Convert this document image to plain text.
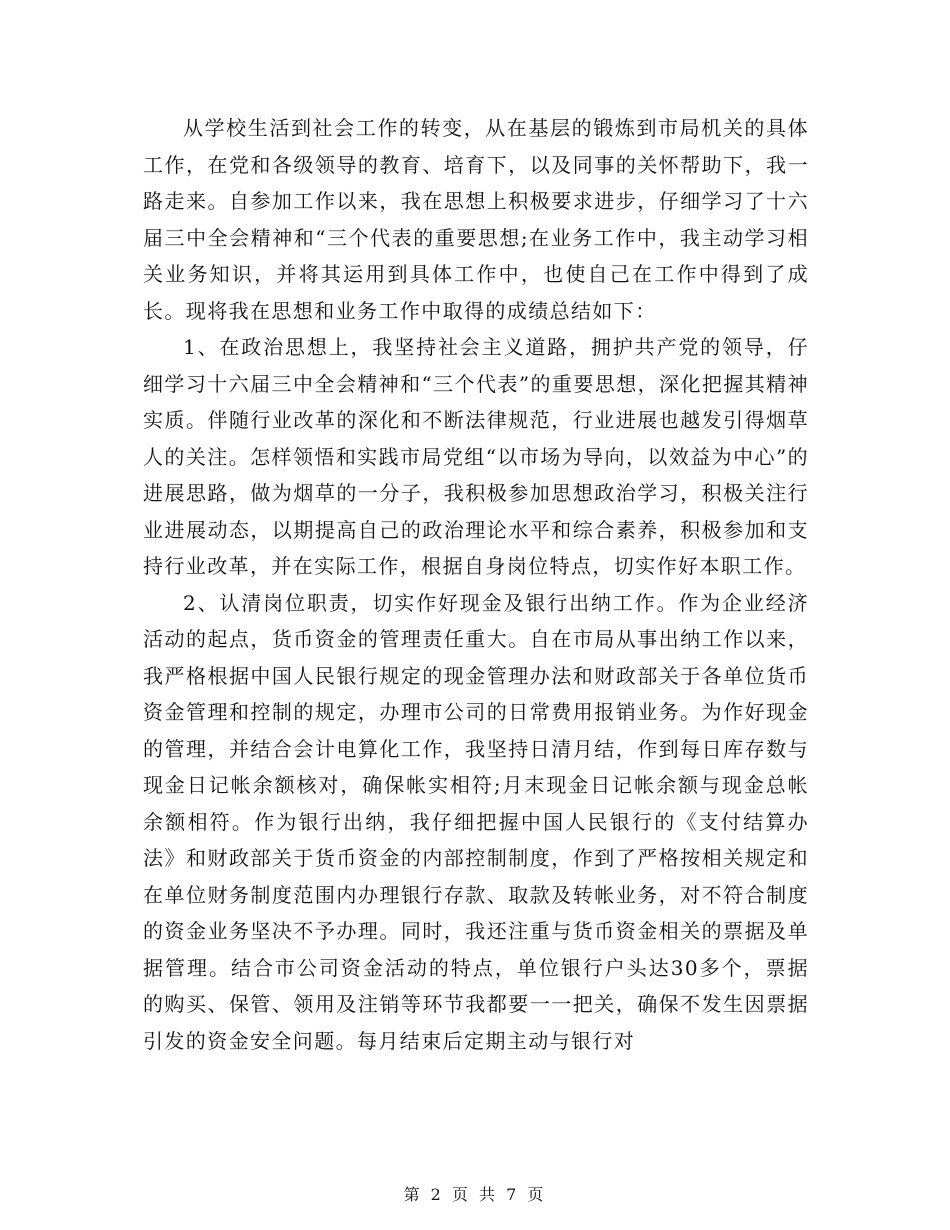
从学校生活到社会工作的转变，从在基层的锻炼到市局机关的具体工作，在党和各级领导的教育、培育下，以及同事的关怀帮助下，我一路走来。自参加工作以来，我在思想上积极要求进步，仔细学习了十六届三中全会精神和“三个代表的重要思想;在业务工作中，我主动学习相关业务知识，并将其运用到具体工作中，也使自己在工作中得到了成长。现将我在思想和业务工作中取得的成绩总结如下：

1、在政治思想上，我坚持社会主义道路，拥护共产党的领导，仔细学习十六届三中全会精神和“三个代表”的重要思想，深化把握其精神实质。伴随行业改革的深化和不断法律规范，行业进展也越发引得烟草人的关注。怎样领悟和实践市局党组“以市场为导向，以效益为中心”的进展思路，做为烟草的一分子，我积极参加思想政治学习，积极关注行业进展动态，以期提高自己的政治理论水平和综合素养，积极参加和支持行业改革，并在实际工作，根据自身岗位特点，切实作好本职工作。

2、认清岗位职责，切实作好现金及银行出纳工作。作为企业经济活动的起点，货币资金的管理责任重大。自在市局从事出纳工作以来，我严格根据中国人民银行规定的现金管理办法和财政部关于各单位货币资金管理和控制的规定，办理市公司的日常费用报销业务。为作好现金的管理，并结合会计电算化工作，我坚持日清月结，作到每日库存数与现金日记帐余额核对，确保帐实相符;月末现金日记帐余额与现金总帐余额相符。作为银行出纳，我仔细把握中国人民银行的《支付结算办法》和财政部关于货币资金的内部控制制度，作到了严格按相关规定和在单位财务制度范围内办理银行存款、取款及转帐业务，对不符合制度的资金业务坚决不予办理。同时，我还注重与货币资金相关的票据及单据管理。结合市公司资金活动的特点，单位银行户头达30多个，票据的购买、保管、领用及注销等环节我都要一一把关，确保不发生因票据引发的资金安全问题。每月结束后定期主动与银行对

第 2 页 共 7 页
